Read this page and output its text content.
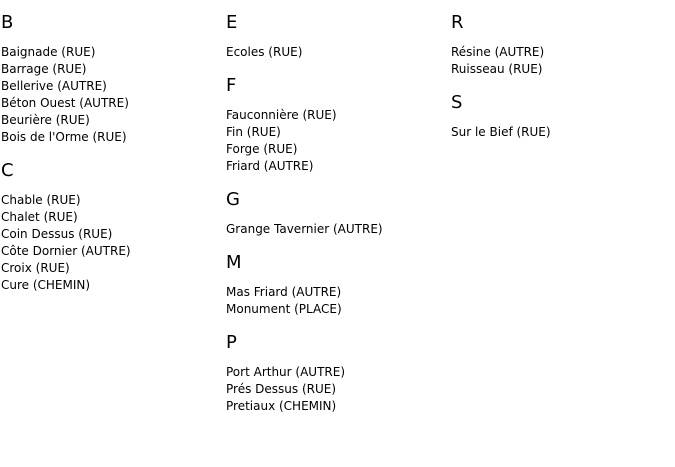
B
Baignade (RUE)
Barrage (RUE)
Bellerive (AUTRE)
Béton Ouest (AUTRE)
Beurière (RUE)
Bois de l'Orme (RUE)
C
Chable (RUE)
Chalet (RUE)
Coin Dessus (RUE)
Côte Dornier (AUTRE)
Croix (RUE)
Cure (CHEMIN)
E
Ecoles (RUE)
F
Fauconnière (RUE)
Fin (RUE)
Forge (RUE)
Friard (AUTRE)
G
Grange Tavernier (AUTRE)
M
Mas Friard (AUTRE)
Monument (PLACE)
P
Port Arthur (AUTRE)
Prés Dessus (RUE)
Pretiaux (CHEMIN)
R
Résine (AUTRE)
Ruisseau (RUE)
S
Sur le Bief (RUE)
